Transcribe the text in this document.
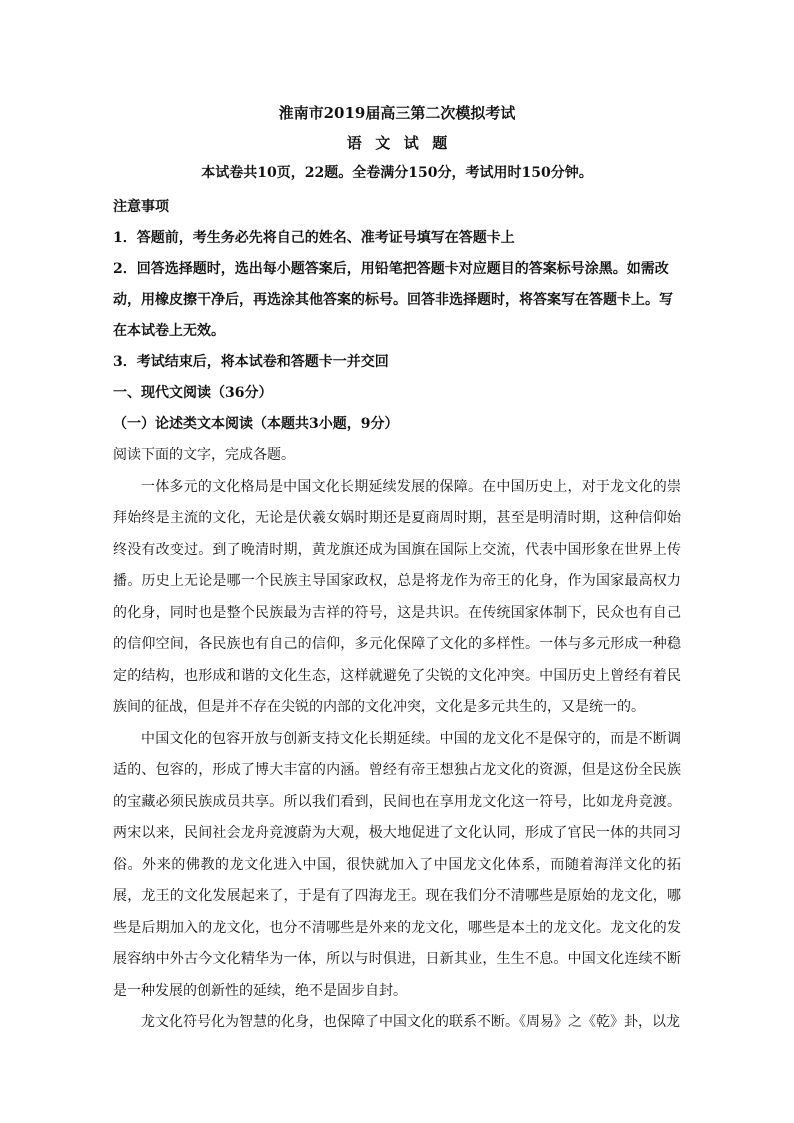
淮南市2019届高三第二次模拟考试
语文试题
本试卷共10页，22题。全卷满分150分，考试用时150分钟。
注意事项

1．答题前，考生务必先将自己的姓名、准考证号填写在答题卡上

2．回答选择题时，选出每小题答案后，用铅笔把答题卡对应题目的答案标号涂黑。如需改动，用橡皮擦干净后，再选涂其他答案的标号。回答非选择题时，将答案写在答题卡上。写在本试卷上无效。

3．考试结束后，将本试卷和答题卡一并交回

一、现代文阅读（36分）
（一）论述类文本阅读（本题共3小题，9分）

阅读下面的文字，完成各题。

一体多元的文化格局是中国文化长期延续发展的保障。在中国历史上，对于龙文化的崇拜始终是主流的文化，无论是伏羲女娲时期还是夏商周时期，甚至是明清时期，这种信仰始终没有改变过。到了晚清时期，黄龙旗还成为国旗在国际上交流，代表中国形象在世界上传播。历史上无论是哪一个民族主导国家政权，总是将龙作为帝王的化身，作为国家最高权力的化身，同时也是整个民族最为吉祥的符号，这是共识。在传统国家体制下，民众也有自己的信仰空间，各民族也有自己的信仰，多元化保障了文化的多样性。一体与多元形成一种稳定的结构，也形成和谐的文化生态，这样就避免了尖锐的文化冲突。中国历史上曾经有着民族间的征战，但是并不存在尖锐的内部的文化冲突，文化是多元共生的，又是统一的。

中国文化的包容开放与创新支持文化长期延续。中国的龙文化不是保守的，而是不断调适的、包容的，形成了博大丰富的内涵。曾经有帝王想独占龙文化的资源，但是这份全民族的宝藏必须民族成员共享。所以我们看到，民间也在享用龙文化这一符号，比如龙舟竞渡。两宋以来，民间社会龙舟竞渡蔚为大观，极大地促进了文化认同，形成了官民一体的共同习俗。外来的佛教的龙文化进入中国，很快就加入了中国龙文化体系，而随着海洋文化的拓展，龙王的文化发展起来了，于是有了四海龙王。现在我们分不清哪些是原始的龙文化，哪些是后期加入的龙文化，也分不清哪些是外来的龙文化，哪些是本土的龙文化。龙文化的发展容纳中外古今文化精华为一体，所以与时俱进，日新其业，生生不息。中国文化连续不断是一种发展的创新性的延续，绝不是固步自封。

龙文化符号化为智慧的化身，也保障了中国文化的联系不断。《周易》之《乾》卦，以龙
